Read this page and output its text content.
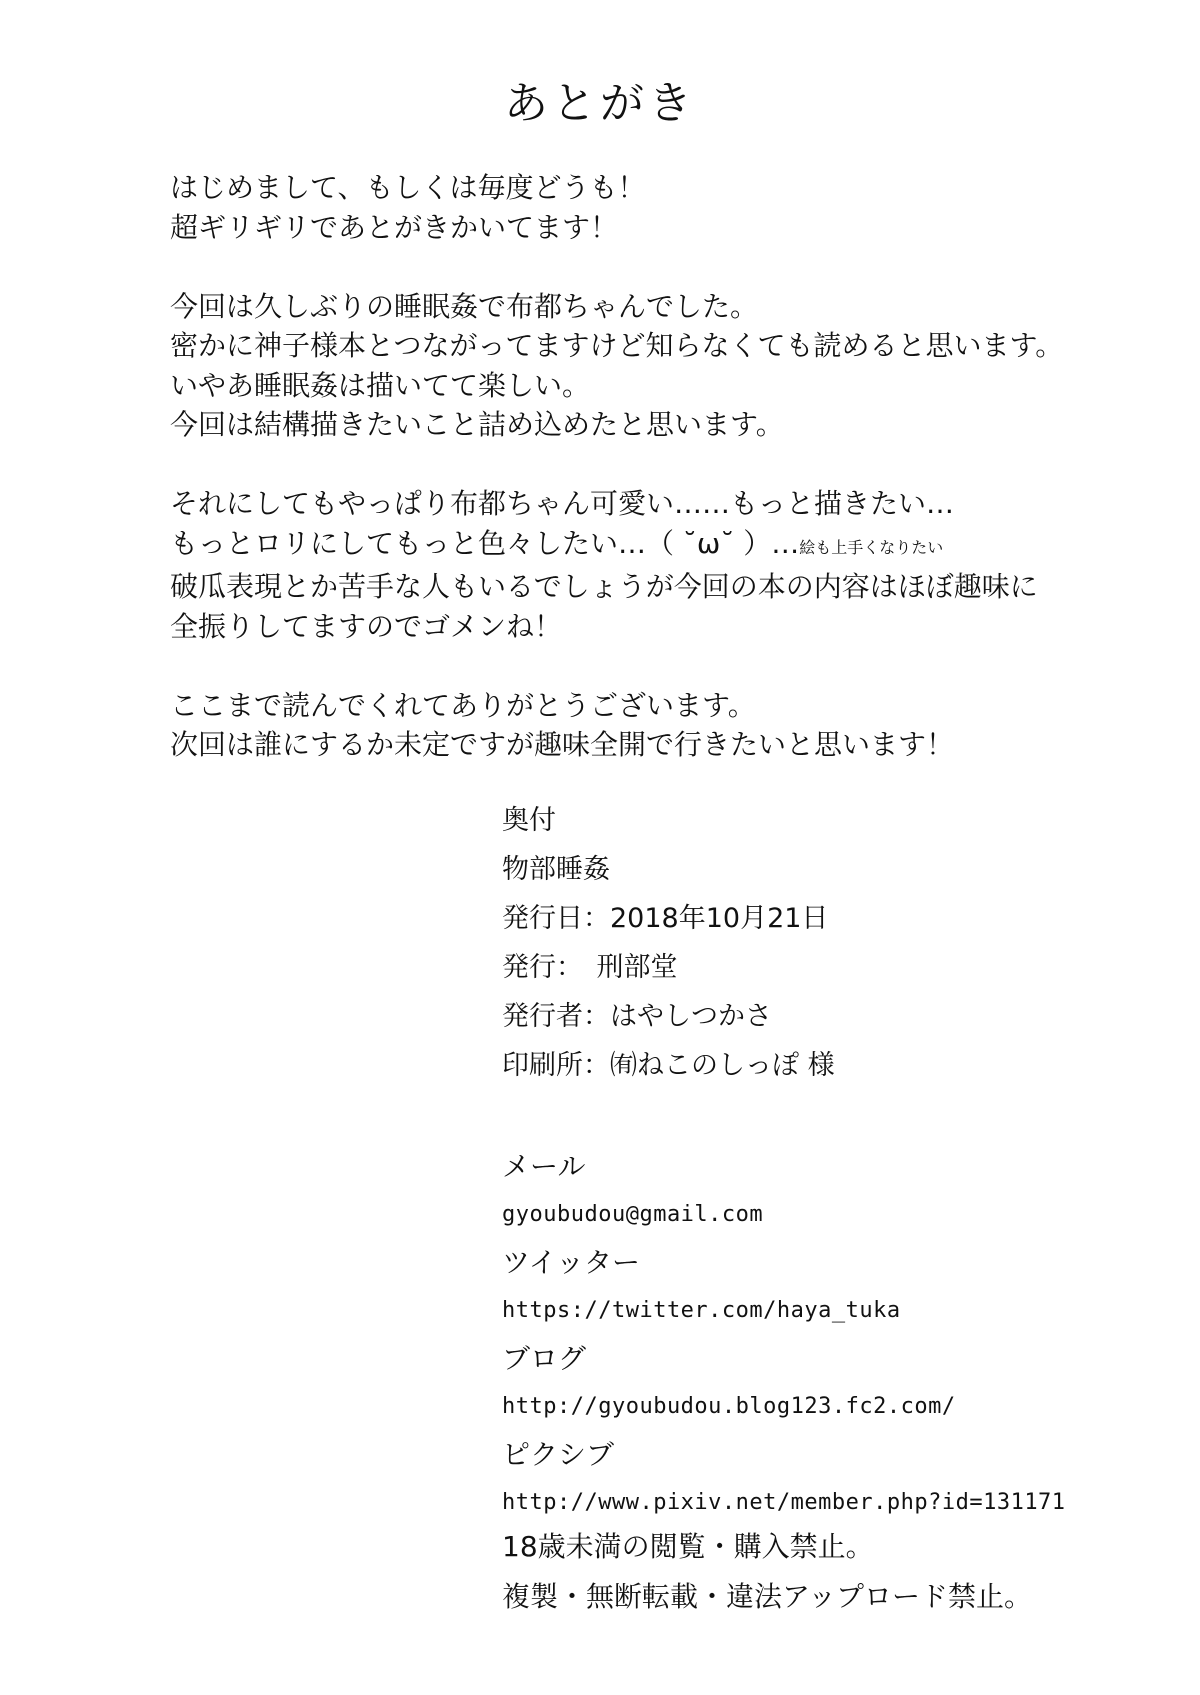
あとがき
はじめまして、もしくは毎度どうも！
超ギリギリであとがきかいてます！
今回は久しぶりの睡眠姦で布都ちゃんでした。
密かに神子様本とつながってますけど知らなくても読めると思います。
いやあ睡眠姦は描いてて楽しい。
今回は結構描きたいこと詰め込めたと思います。
それにしてもやっぱり布都ちゃん可愛い……もっと描きたい…
もっとロリにしてもっと色々したい…（ ˘ω˘ ）…絵も上手くなりたい
破瓜表現とか苦手な人もいるでしょうが今回の本の内容はほぼ趣味に
全振りしてますのでゴメンね！
ここまで読んでくれてありがとうございます。
次回は誰にするか未定ですが趣味全開で行きたいと思います！
奥付
物部睡姦
発行日：2018年10月21日
発行：　刑部堂
発行者：はやしつかさ
印刷所：㈲ねこのしっぽ 様
メール
gyoubudou@gmail.com
ツイッター
https://twitter.com/haya_tuka
ブログ
http://gyoubudou.blog123.fc2.com/
ピクシブ
http://www.pixiv.net/member.php?id=131171
18歳未満の閲覧・購入禁止。
複製・無断転載・違法アップロード禁止。
